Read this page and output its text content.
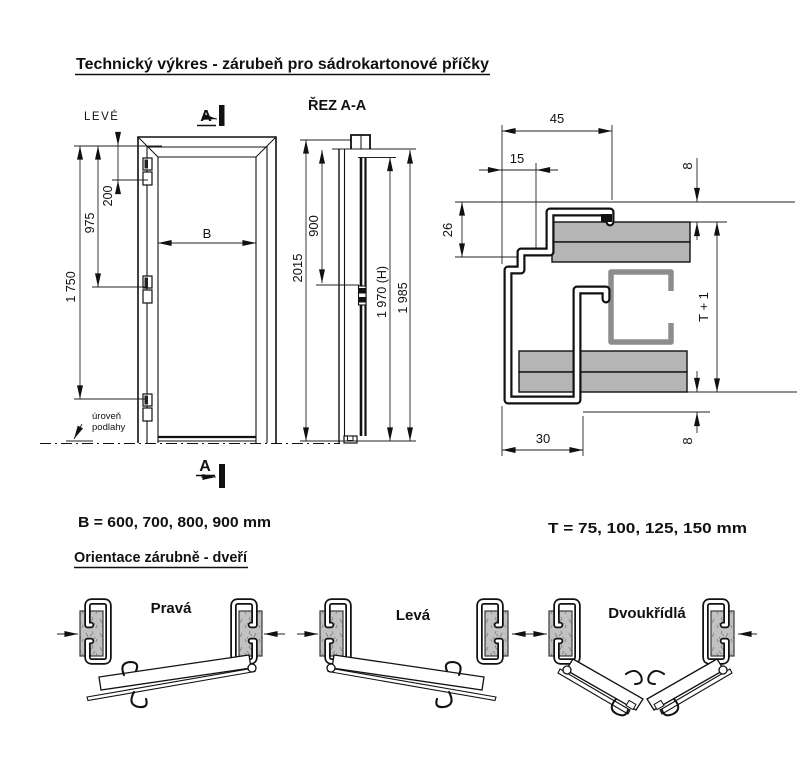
Technický výkres - zárubeň pro sádrokartonové příčky
LEVÉ	A
200
975
1 750
B
úroveň
podlahy
A
ŘEZ A-A
2015
900
1 970 (H) 1 985
45
15
26
8
T + 1
8
30
B = 600, 700, 800, 900 mm	T = 75, 100, 125, 150 mm
Orientace zárubně - dveří
Pravá	Levá	Dvoukřídlá
